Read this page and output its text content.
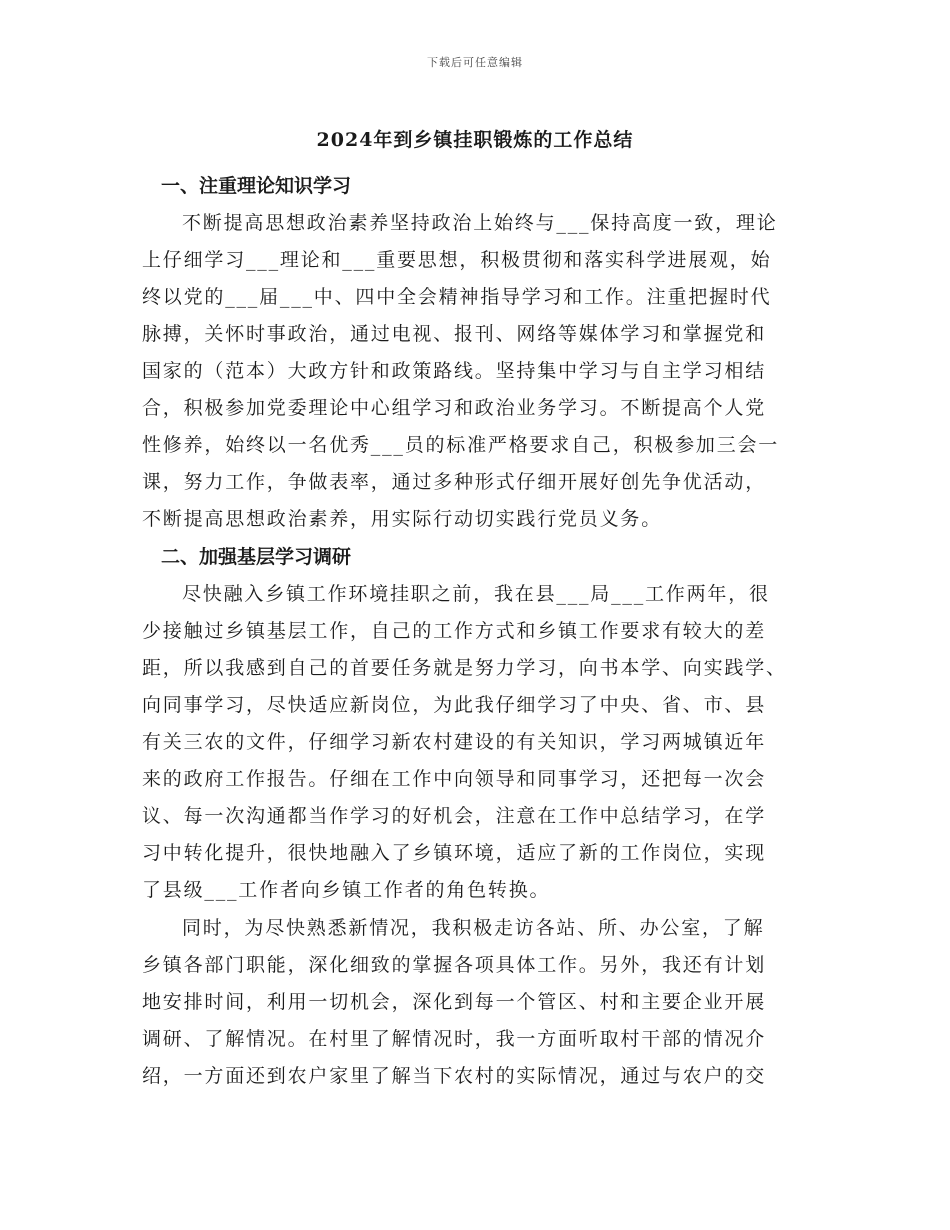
下载后可任意编辑
2024年到乡镇挂职锻炼的工作总结
一、注重理论知识学习
不断提高思想政治素养坚持政治上始终与___保持高度一致，理论
上仔细学习___理论和___重要思想，积极贯彻和落实科学进展观，始
终以党的___届___中、四中全会精神指导学习和工作。注重把握时代
脉搏，关怀时事政治，通过电视、报刊、网络等媒体学习和掌握党和
国家的（范本）大政方针和政策路线。坚持集中学习与自主学习相结
合，积极参加党委理论中心组学习和政治业务学习。不断提高个人党
性修养，始终以一名优秀___员的标准严格要求自己，积极参加三会一
课，努力工作，争做表率，通过多种形式仔细开展好创先争优活动，
不断提高思想政治素养，用实际行动切实践行党员义务。
二、加强基层学习调研
尽快融入乡镇工作环境挂职之前，我在县___局___工作两年，很
少接触过乡镇基层工作，自己的工作方式和乡镇工作要求有较大的差
距，所以我感到自己的首要任务就是努力学习，向书本学、向实践学、
向同事学习，尽快适应新岗位，为此我仔细学习了中央、省、市、县
有关三农的文件，仔细学习新农村建设的有关知识，学习两城镇近年
来的政府工作报告。仔细在工作中向领导和同事学习，还把每一次会
议、每一次沟通都当作学习的好机会，注意在工作中总结学习，在学
习中转化提升，很快地融入了乡镇环境，适应了新的工作岗位，实现
了县级___工作者向乡镇工作者的角色转换。
同时，为尽快熟悉新情况，我积极走访各站、所、办公室，了解
乡镇各部门职能，深化细致的掌握各项具体工作。另外，我还有计划
地安排时间，利用一切机会，深化到每一个管区、村和主要企业开展
调研、了解情况。在村里了解情况时，我一方面听取村干部的情况介
绍，一方面还到农户家里了解当下农村的实际情况，通过与农户的交
